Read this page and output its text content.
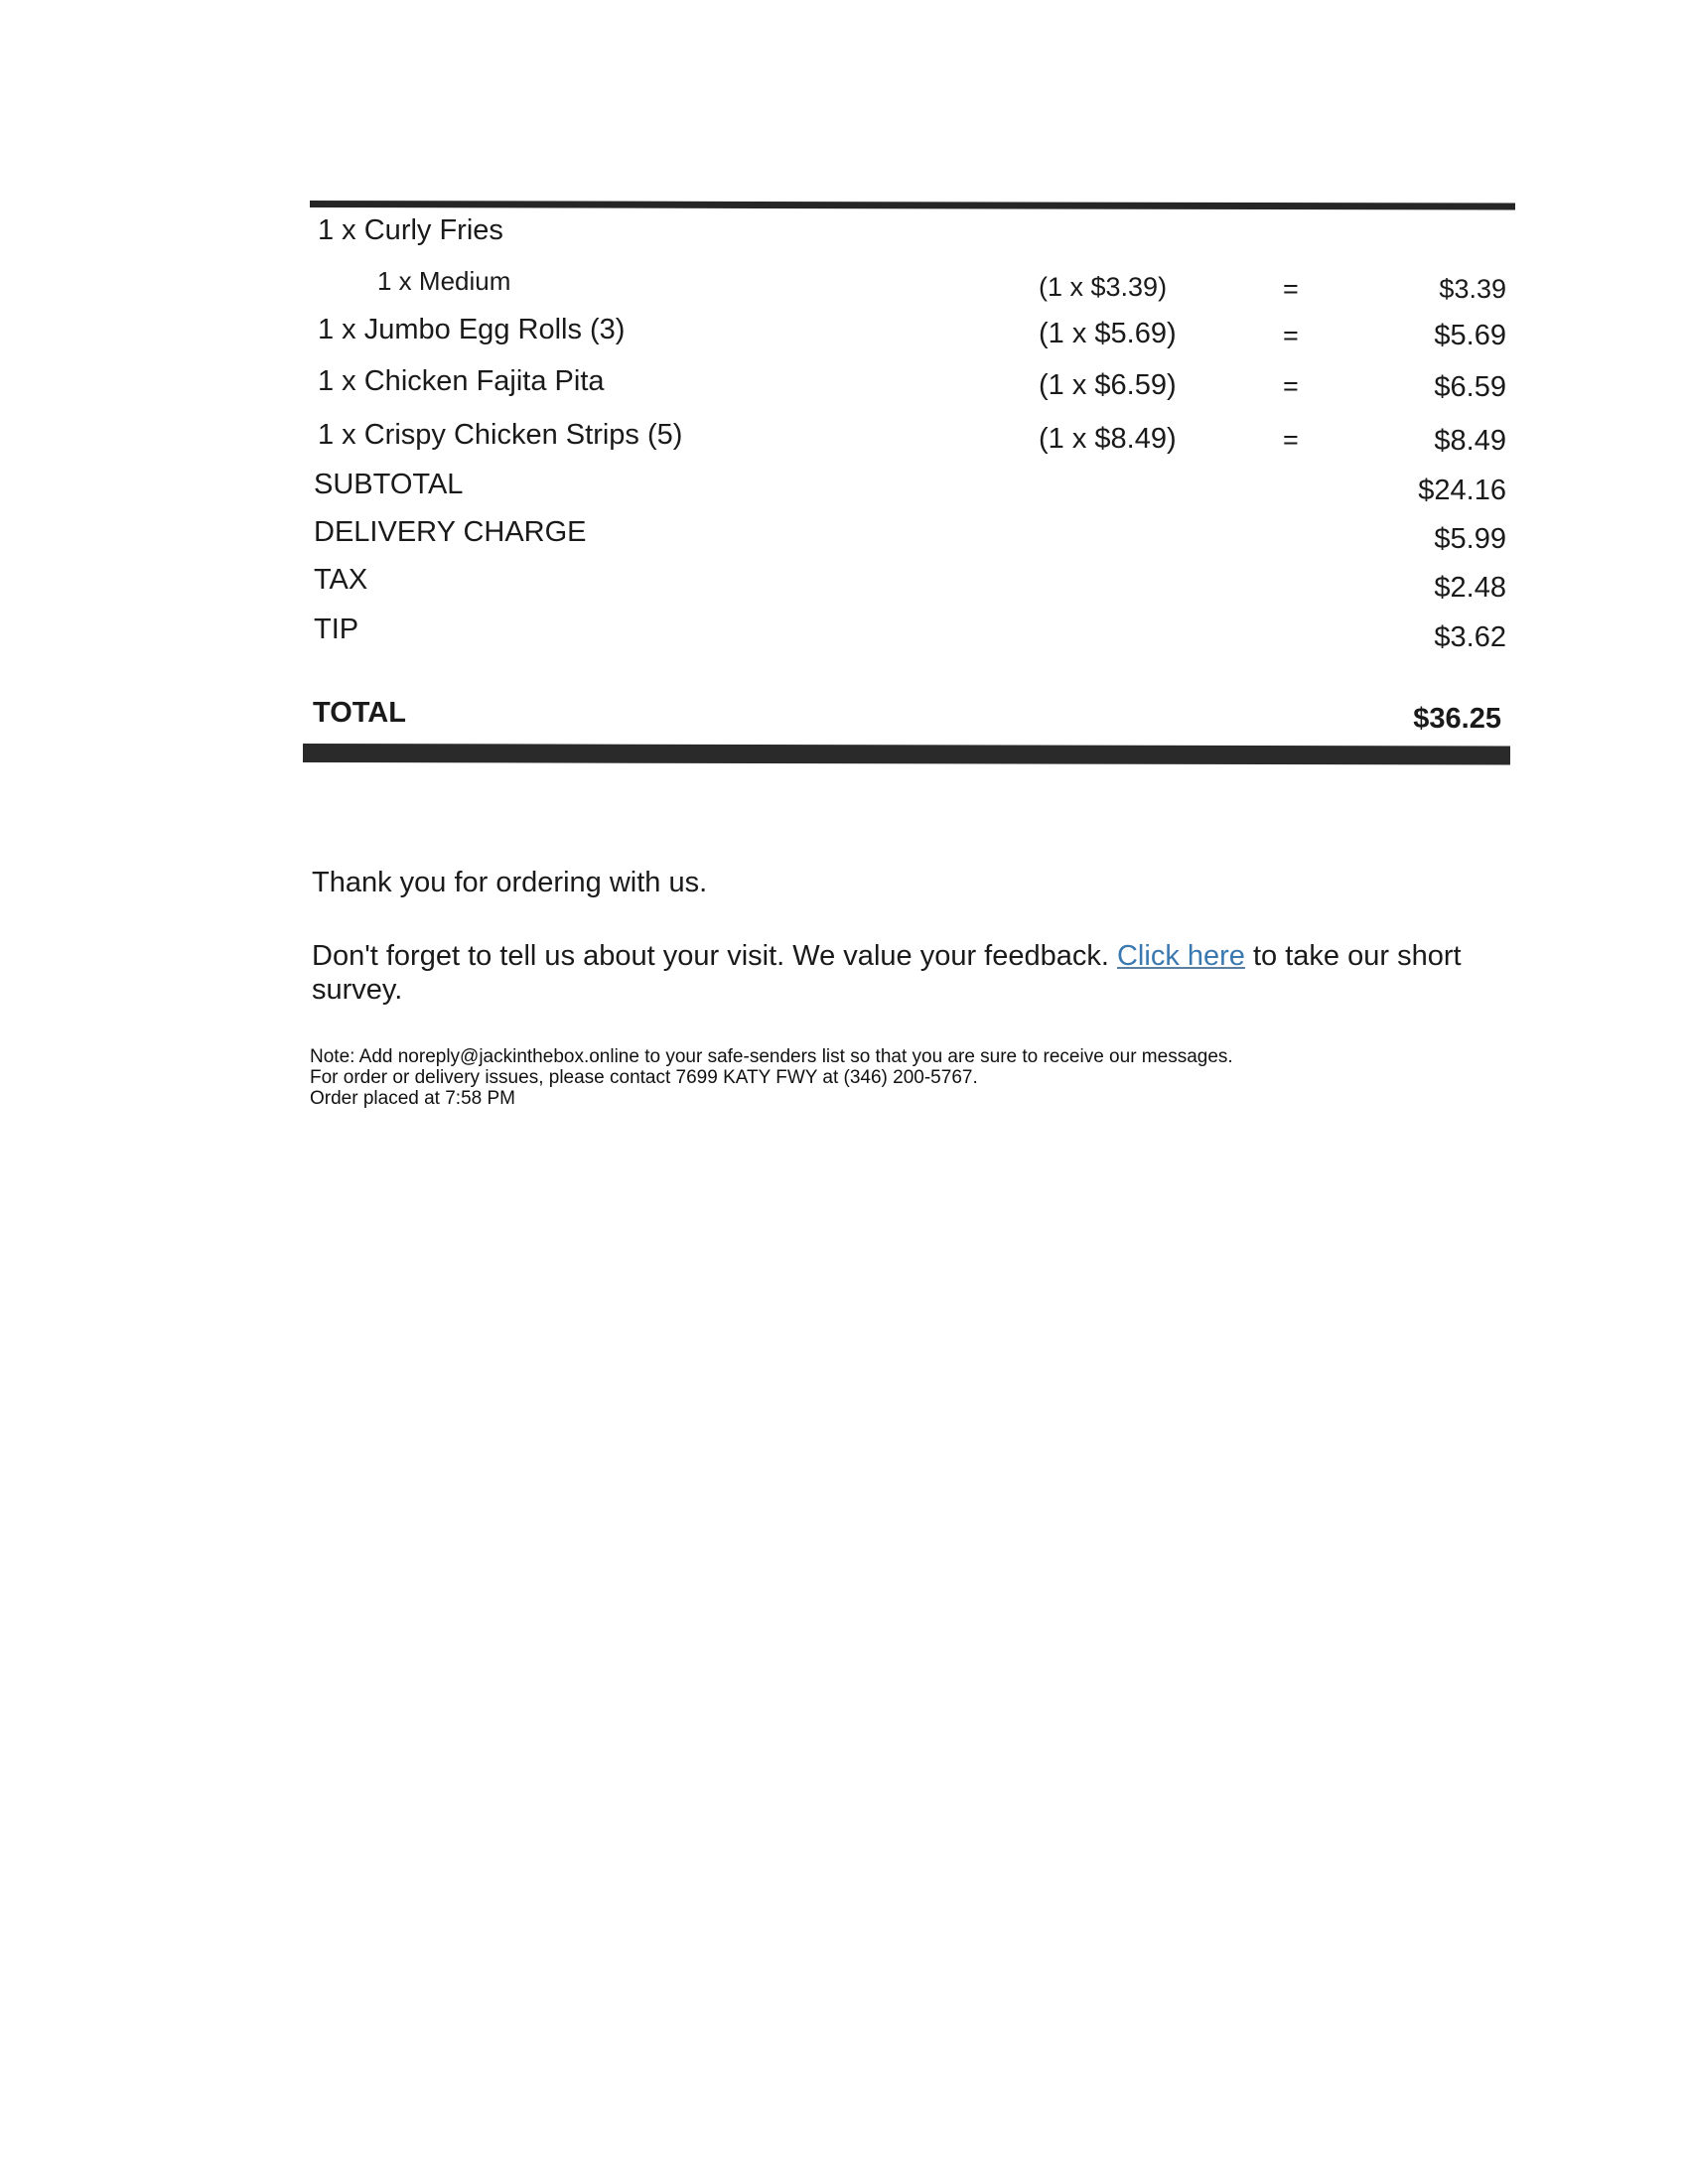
1 x Curly Fries
1 x Medium	(1 x $3.39)	=	$3.39
1 x Jumbo Egg Rolls (3)	(1 x $5.69)	=	$5.69
1 x Chicken Fajita Pita	(1 x $6.59)	=	$6.59
1 x Crispy Chicken Strips (5)	(1 x $8.49)	=	$8.49
SUBTOTAL	$24.16
DELIVERY CHARGE	$5.99
TAX	$2.48
TIP	$3.62
TOTAL	$36.25
Thank you for ordering with us.
Don't forget to tell us about your visit. We value your feedback. Click here to take our short survey.
Note: Add noreply@jackinthebox.online to your safe-senders list so that you are sure to receive our messages.
For order or delivery issues, please contact 7699 KATY FWY at (346) 200-5767.
Order placed at 7:58 PM
